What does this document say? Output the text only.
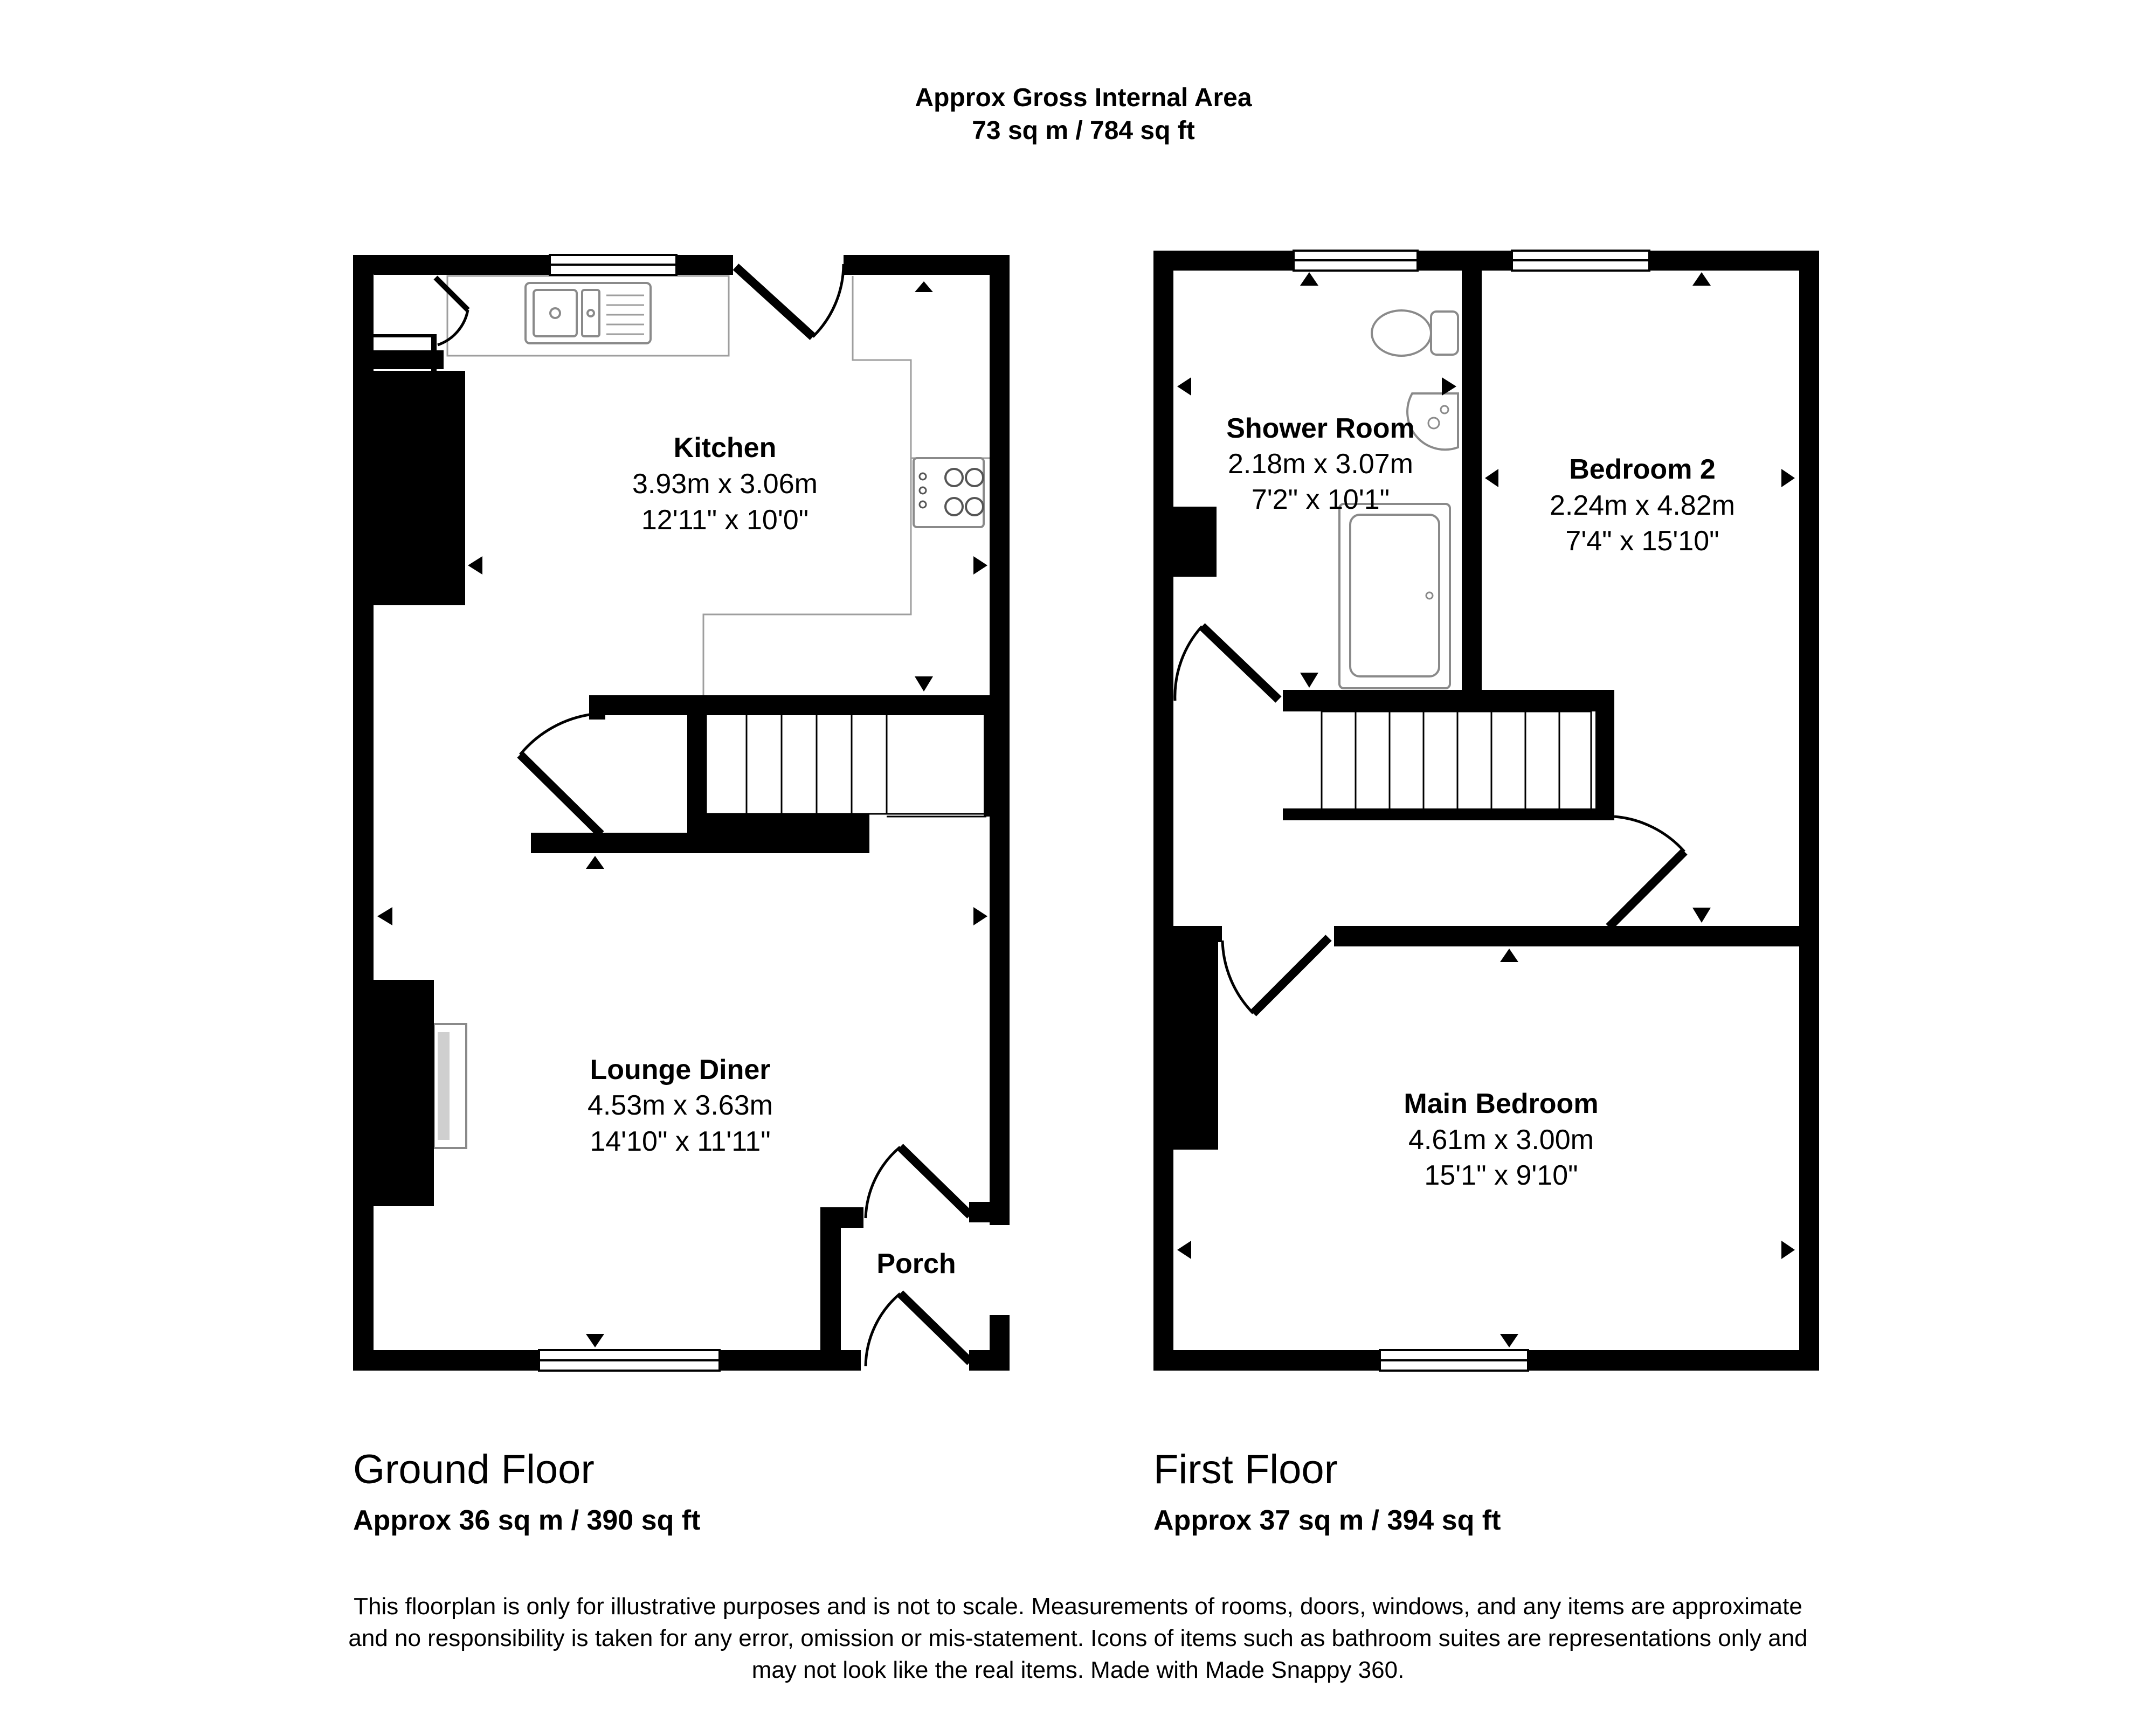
Approx Gross Internal Area
73 sq m / 784 sq ft
Kitchen
3.93m x 3.06m
12'11" x 10'0"
Lounge Diner
4.53m x 3.63m
14'10" x 11'11"
Porch
Shower Room
2.18m x 3.07m
7'2" x 10'1"
Bedroom 2
2.24m x 4.82m
7'4" x 15'10"
Main Bedroom
4.61m x 3.00m
15'1" x 9'10"
Ground Floor
Approx 36 sq m / 390 sq ft
First Floor
Approx 37 sq m / 394 sq ft
This floorplan is only for illustrative purposes and is not to scale. Measurements of rooms, doors, windows, and any items are approximate
and no responsibility is taken for any error, omission or mis-statement. Icons of items such as bathroom suites are representations only and
may not look like the real items. Made with Made Snappy 360.
